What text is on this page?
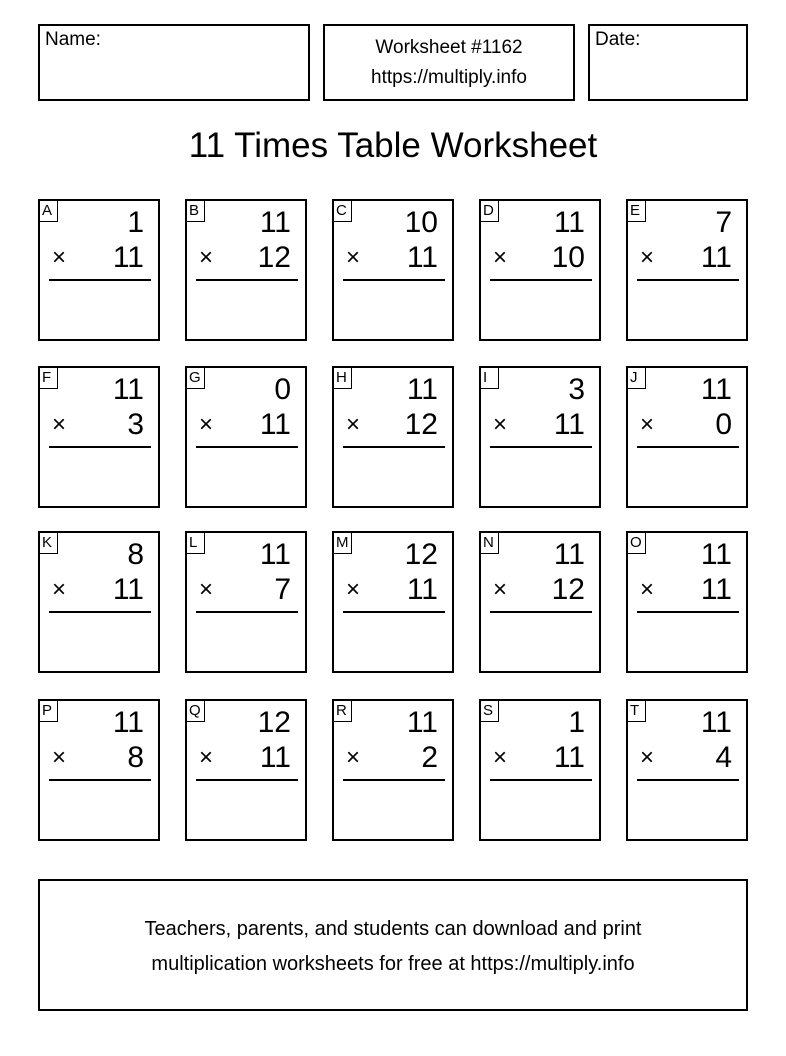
Name:	Worksheet #1162
https://multiply.info
Date:
11 Times Table Worksheet
A	1
× 11
B 11
× 12
C 10
× 11
D 11
× 10
E	7
× 11
F 11
× 3
G 0
× 11
H 11
× 12
I	3
× 11
J 11
× 0
K	8
× 11
L 11
× 7
M 12
× 11
N 11
× 12
O 11
× 11
P 11
× 8
Q 12
× 11
R 11
× 2
S	1
× 11
T 11
× 4
Teachers, parents, and students can download and print
multiplication worksheets for free at https://multiply.info
